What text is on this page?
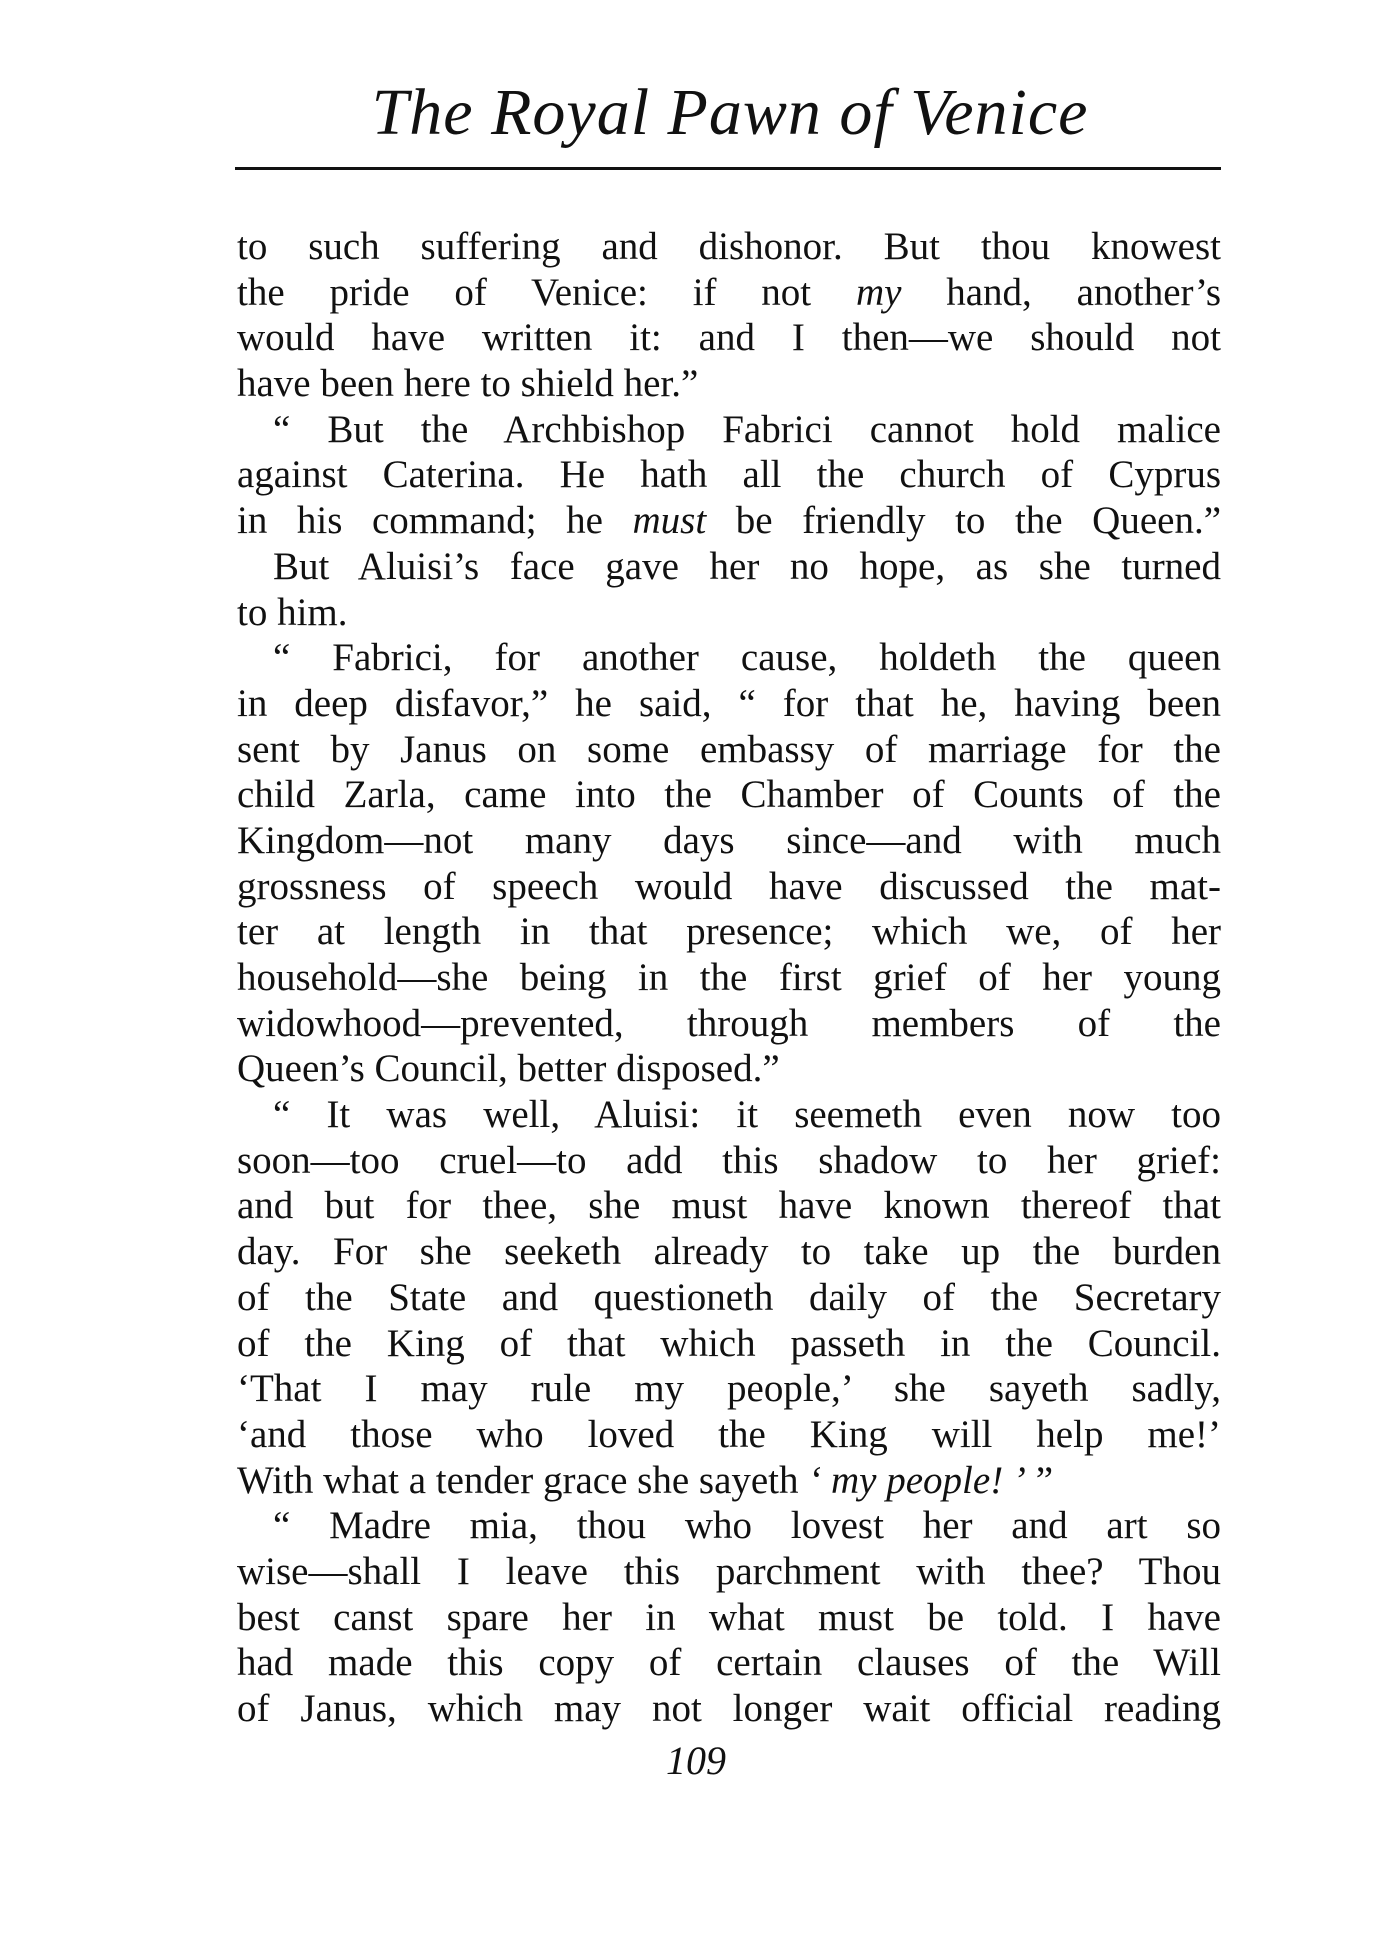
The Royal Pawn of Venice
to such suffering and dishonor. But thou knowest
the pride of Venice: if not my hand, another’s
would have written it: and I then—we should not
have been here to shield her.”
“ But the Archbishop Fabrici cannot hold malice
against Caterina. He hath all the church of Cyprus
in his command; he must be friendly to the Queen.”
But Aluisi’s face gave her no hope, as she turned
to him.
“ Fabrici, for another cause, holdeth the queen
in deep disfavor,” he said, “ for that he, having been
sent by Janus on some embassy of marriage for the
child Zarla, came into the Chamber of Counts of the
Kingdom—not many days since—and with much
grossness of speech would have discussed the mat-
ter at length in that presence; which we, of her
household—she being in the first grief of her young
widowhood—prevented, through members of the
Queen’s Council, better disposed.”
“ It was well, Aluisi: it seemeth even now too
soon—too cruel—to add this shadow to her grief:
and but for thee, she must have known thereof that
day. For she seeketh already to take up the burden
of the State and questioneth daily of the Secretary
of the King of that which passeth in the Council.
‘That I may rule my people,’ she sayeth sadly,
‘and those who loved the King will help me!’
With what a tender grace she sayeth ‘ my people! ’ ”
“ Madre mia, thou who lovest her and art so
wise—shall I leave this parchment with thee? Thou
best canst spare her in what must be told. I have
had made this copy of certain clauses of the Will
of Janus, which may not longer wait official reading
109
